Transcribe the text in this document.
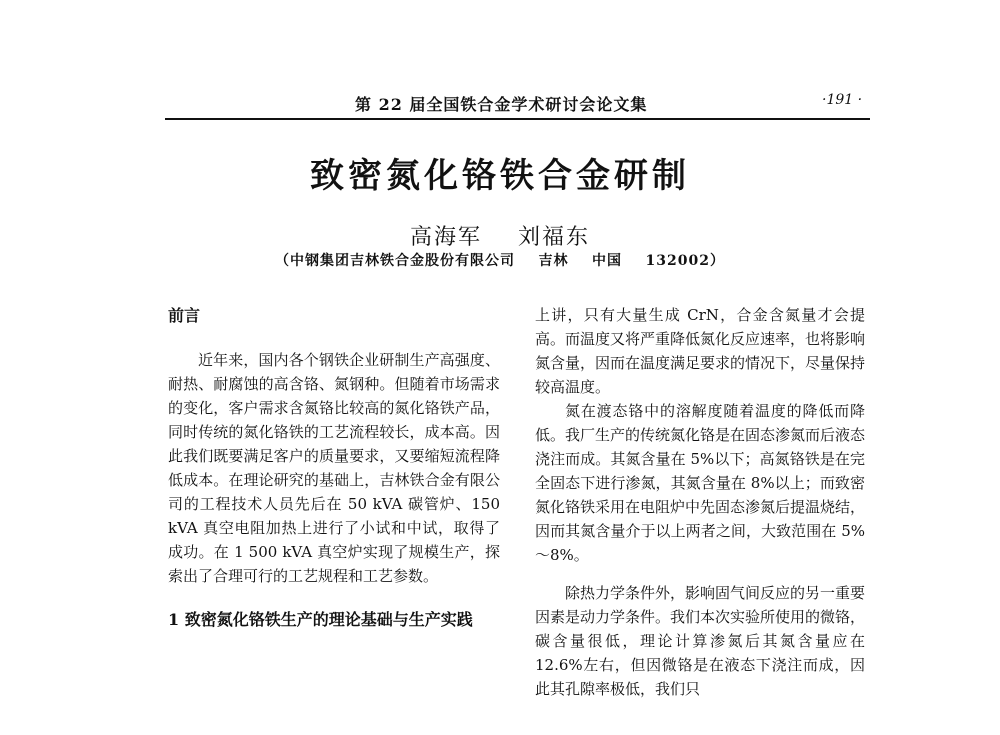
第 22 届全国铁合金学术研讨会论文集	·191 ·
致密氮化铬铁合金研制
高海军    刘福东
（中钢集团吉林铁合金股份有限公司    吉林    中国    132002）
前言

近年来，国内各个钢铁企业研制生产高强度、耐热、耐腐蚀的高含铬、氮钢种。但随着市场需求的变化，客户需求含氮铬比较高的氮化铬铁产品，同时传统的氮化铬铁的工艺流程较长，成本高。因此我们既要满足客户的质量要求，又要缩短流程降低成本。在理论研究的基础上，吉林铁合金有限公司的工程技术人员先后在 50 kVA 碳管炉、150 kVA 真空电阻加热上进行了小试和中试，取得了成功。在 1 500 kVA 真空炉实现了规模生产，探索出了合理可行的工艺规程和工艺参数。

1 致密氮化铬铁生产的理论基础与生产实践

上讲，只有大量生成 CrN，合金含氮量才会提高。而温度又将严重降低氮化反应速率，也将影响氮含量，因而在温度满足要求的情况下，尽量保持较高温度。

氮在渡态铬中的溶解度随着温度的降低而降低。我厂生产的传统氮化铬是在固态渗氮而后液态浇注而成。其氮含量在 5%以下；高氮铬铁是在完全固态下进行渗氮，其氮含量在 8%以上；而致密氮化铬铁采用在电阻炉中先固态渗氮后提温烧结，因而其氮含量介于以上两者之间，大致范围在 5%～8%。

除热力学条件外，影响固气间反应的另一重要因素是动力学条件。我们本次实验所使用的微铬，碳含量很低，理论计算渗氮后其氮含量应在 12.6%左右，但因微铬是在液态下浇注而成，因此其孔隙率极低，我们只
